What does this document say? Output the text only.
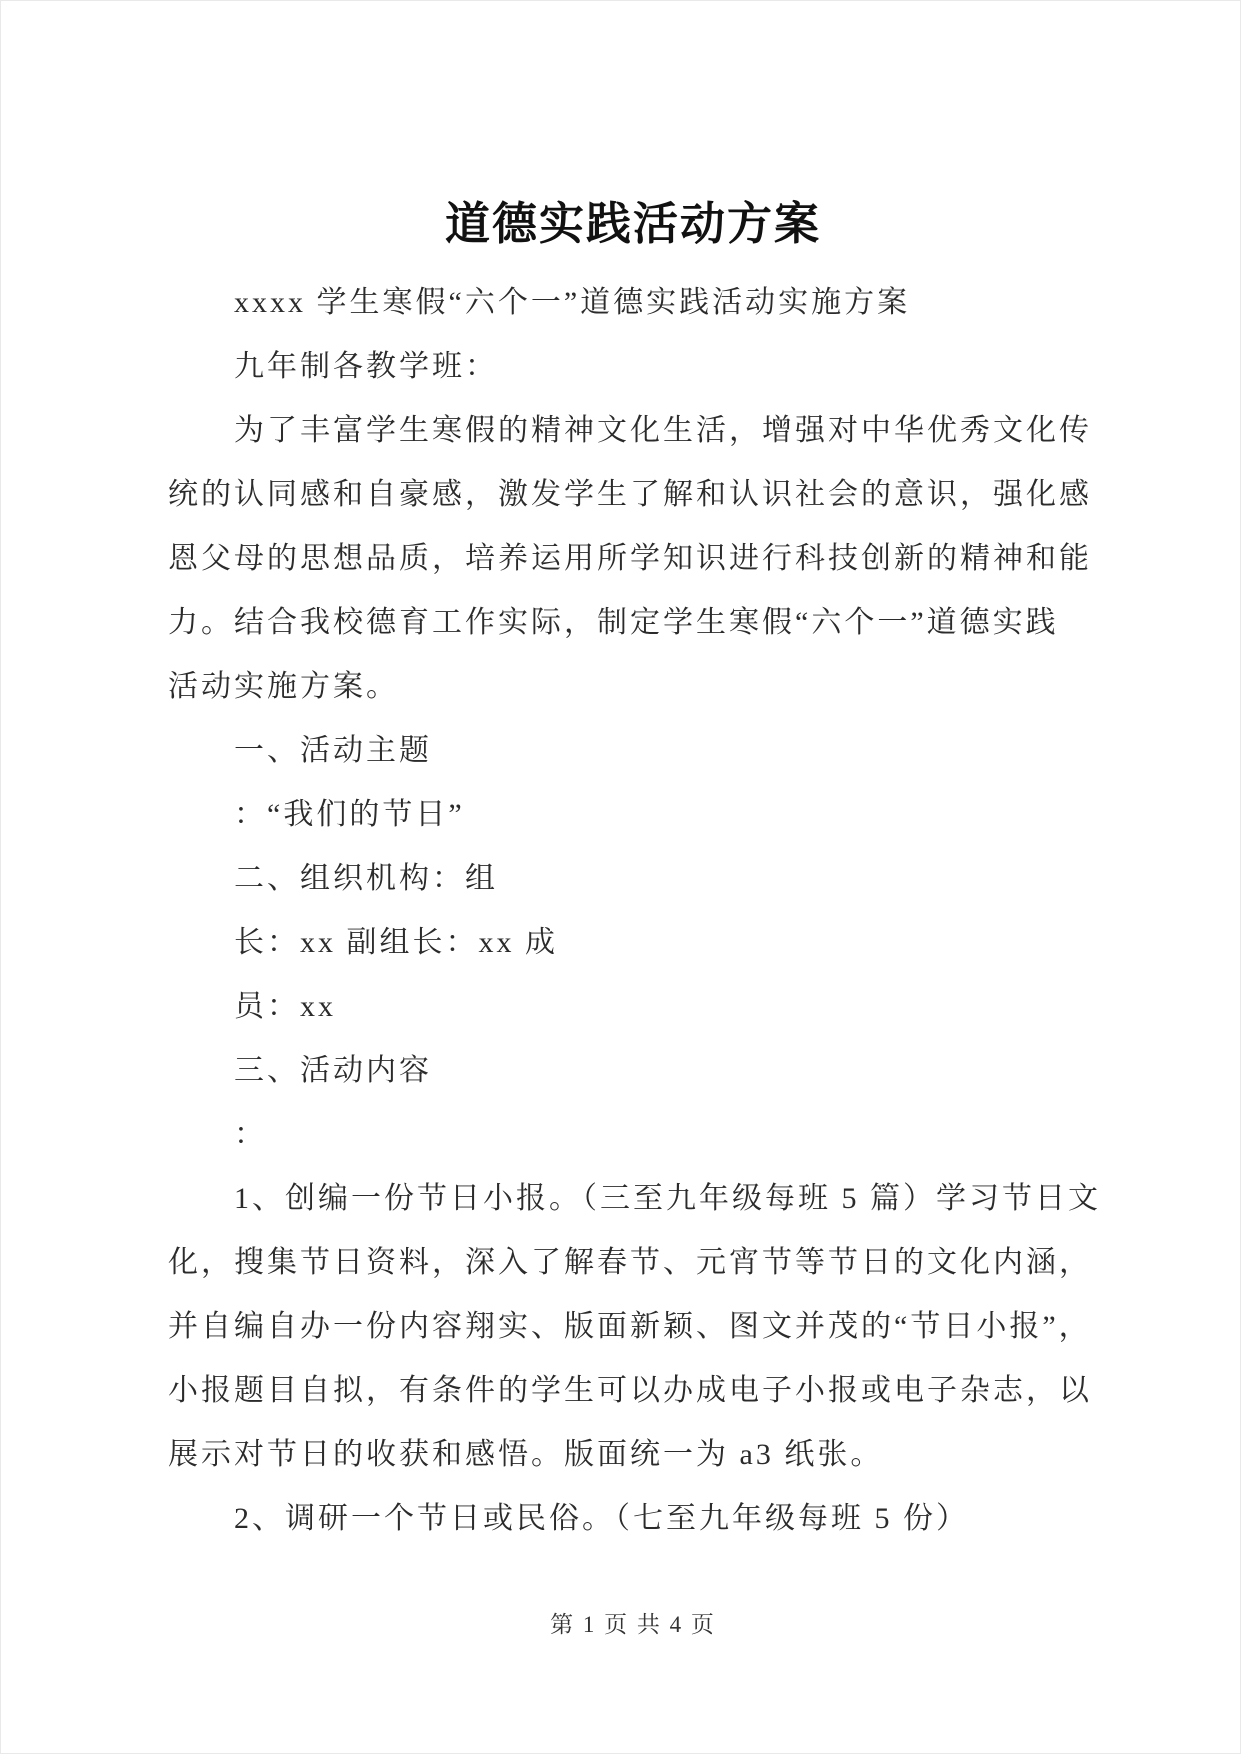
道德实践活动方案
xxxx 学生寒假“六个一”道德实践活动实施方案
九年制各教学班：
为了丰富学生寒假的精神文化生活，增强对中华优秀文化传
统的认同感和自豪感，激发学生了解和认识社会的意识，强化感
恩父母的思想品质，培养运用所学知识进行科技创新的精神和能
力。结合我校德育工作实际，制定学生寒假“六个一”道德实践
活动实施方案。
一、活动主题
：“我们的节日”
二、组织机构：组
长：xx 副组长：xx 成
员：xx
三、活动内容
：
1、创编一份节日小报。（三至九年级每班 5 篇）学习节日文
化，搜集节日资料，深入了解春节、元宵节等节日的文化内涵，
并自编自办一份内容翔实、版面新颖、图文并茂的“节日小报”，
小报题目自拟，有条件的学生可以办成电子小报或电子杂志，以
展示对节日的收获和感悟。版面统一为 a3 纸张。
2、调研一个节日或民俗。（七至九年级每班 5 份）
第 1 页 共 4 页
